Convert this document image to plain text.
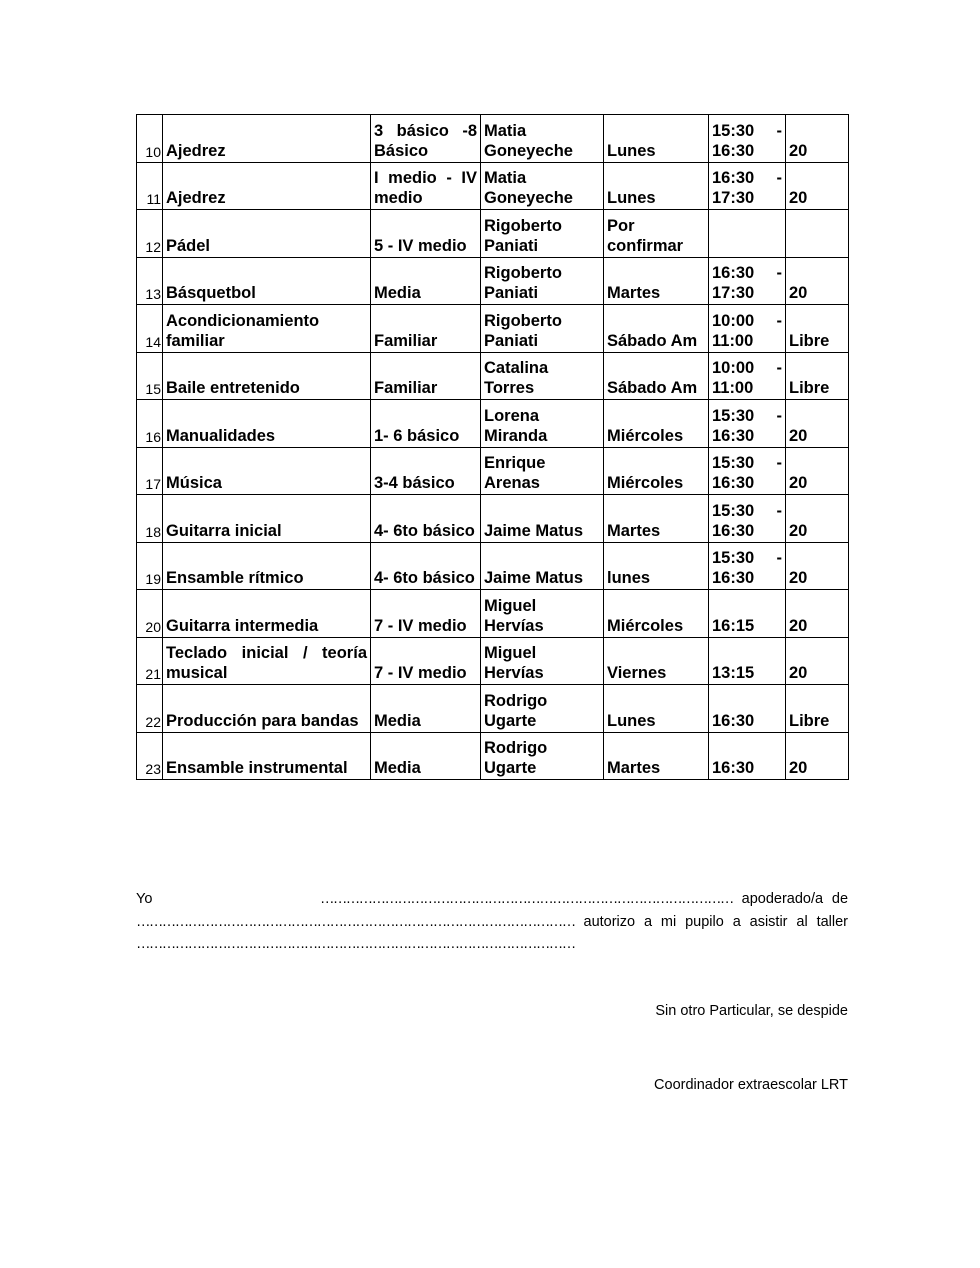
10	Ajedrez	3 básico -8 Básico	Matia Goneyeche	Lunes	15:30 - 16:30	20
11	Ajedrez	I medio - IV medio	Matia Goneyeche	Lunes	16:30 - 17:30	20
12	Pádel	5 - IV medio	Rigoberto Paniati	Por confirmar		
13	Básquetbol	Media	Rigoberto Paniati	Martes	16:30 - 17:30	20
14	Acondicionamiento familiar	Familiar	Rigoberto Paniati	Sábado Am	10:00 - 11:00	Libre
15	Baile entretenido	Familiar	Catalina Torres	Sábado Am	10:00 - 11:00	Libre
16	Manualidades	1- 6 básico	Lorena Miranda	Miércoles	15:30 - 16:30	20
17	Música	3-4 básico	Enrique Arenas	Miércoles	15:30 - 16:30	20
18	Guitarra inicial	4- 6to básico	Jaime Matus	Martes	15:30 - 16:30	20
19	Ensamble rítmico	4- 6to básico	Jaime Matus	lunes	15:30 - 16:30	20
20	Guitarra intermedia	7 - IV medio	Miguel Hervías	Miércoles	16:15	20
21	Teclado inicial / teoría musical	7 - IV medio	Miguel Hervías	Viernes	13:15	20
22	Producción para bandas	Media	Rodrigo Ugarte	Lunes	16:30	Libre
23	Ensamble instrumental	Media	Rodrigo Ugarte	Martes	16:30	20
Yo	…………………………………………………………………………………… apoderado/a de ………………………………………………………………………………………… autorizo a mi pupilo a asistir al taller …………………………………………………………………………………………
Sin otro Particular, se despide
Coordinador extraescolar LRT
